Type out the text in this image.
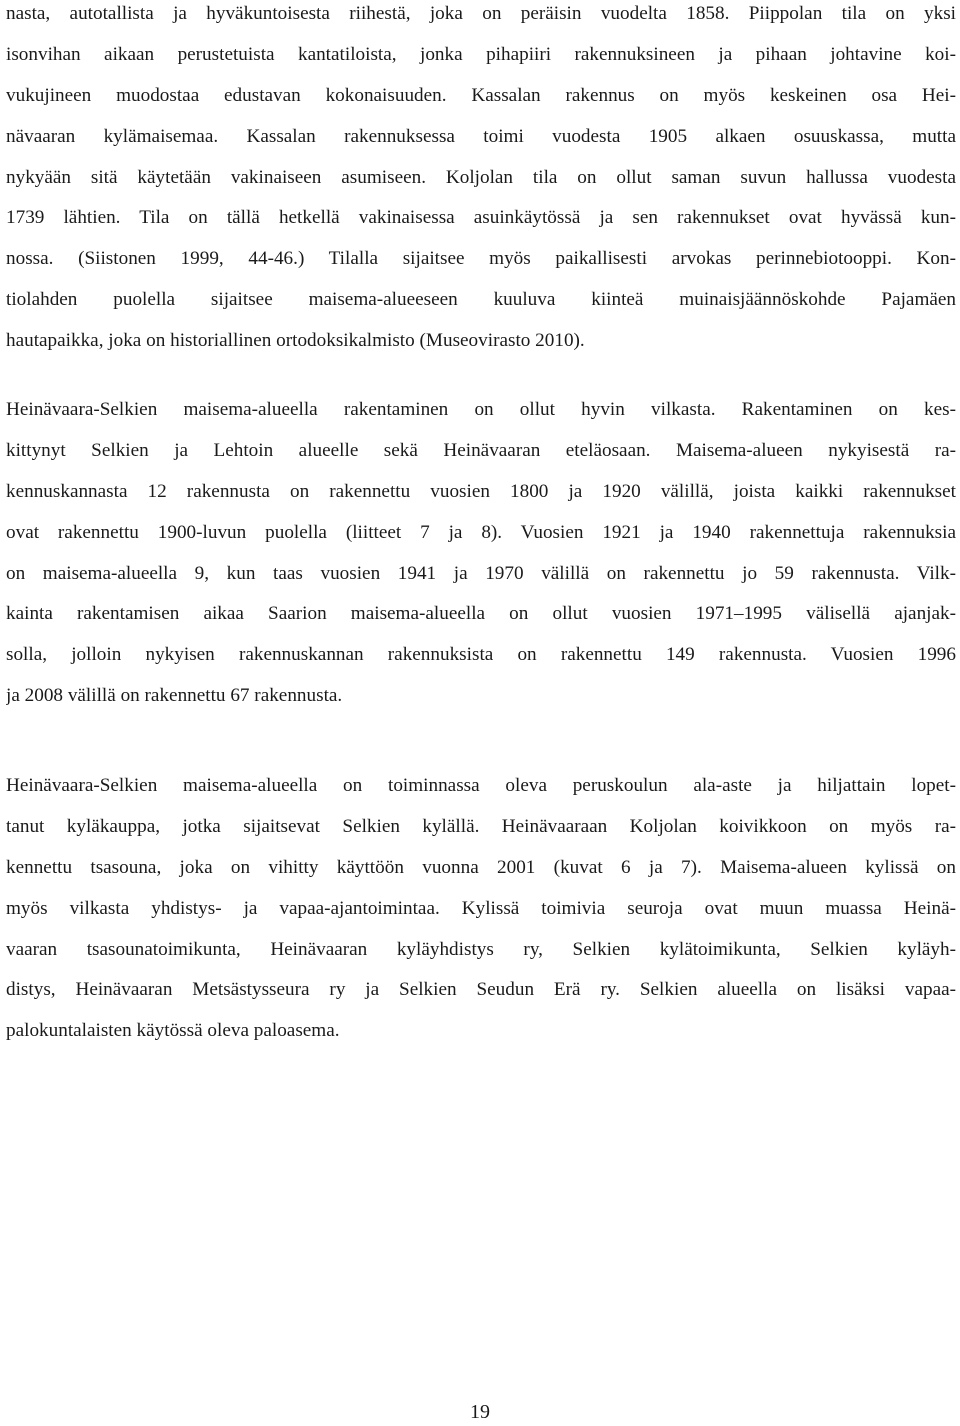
nasta, autotallista ja hyväkuntoisesta riihestä, joka on peräisin vuodelta 1858. Piippolan tila on yksi
isonvihan aikaan perustetuista kantatiloista, jonka pihapiiri rakennuksineen ja pihaan johtavine koi-
vukujineen muodostaa edustavan kokonaisuuden. Kassalan rakennus on myös keskeinen osa Hei-
nävaaran kylämaisemaa. Kassalan rakennuksessa toimi vuodesta 1905 alkaen osuuskassa, mutta
nykyään sitä käytetään vakinaiseen asumiseen. Koljolan tila on ollut saman suvun hallussa vuodesta
1739 lähtien. Tila on tällä hetkellä vakinaisessa asuinkäytössä ja sen rakennukset ovat hyvässä kun-
nossa. (Siistonen 1999, 44-46.) Tilalla sijaitsee myös paikallisesti arvokas perinnebiotooppi. Kon-
tiolahden puolella sijaitsee maisema-alueeseen kuuluva kiinteä muinaisjäännöskohde Pajamäen
hautapaikka, joka on historiallinen ortodoksikalmisto (Museovirasto 2010).
Heinävaara-Selkien maisema-alueella rakentaminen on ollut hyvin vilkasta. Rakentaminen on kes-
kittynyt Selkien ja Lehtoin alueelle sekä Heinävaaran eteläosaan. Maisema-alueen nykyisestä ra-
kennuskannasta 12 rakennusta on rakennettu vuosien 1800 ja 1920 välillä, joista kaikki rakennukset
ovat rakennettu 1900-luvun puolella (liitteet 7 ja 8). Vuosien 1921 ja 1940 rakennettuja rakennuksia
on maisema-alueella 9, kun taas vuosien 1941 ja 1970 välillä on rakennettu jo 59 rakennusta. Vilk-
kainta rakentamisen aikaa Saarion maisema-alueella on ollut vuosien 1971–1995 välisellä ajanjak-
solla, jolloin nykyisen rakennuskannan rakennuksista on rakennettu 149 rakennusta. Vuosien 1996
ja 2008 välillä on rakennettu 67 rakennusta.
Heinävaara-Selkien maisema-alueella on toiminnassa oleva peruskoulun ala-aste ja hiljattain lopet-
tanut kyläkauppa, jotka sijaitsevat Selkien kylällä. Heinävaaraan Koljolan koivikkoon on myös ra-
kennettu tsasouna, joka on vihitty käyttöön vuonna 2001 (kuvat 6 ja 7). Maisema-alueen kylissä on
myös vilkasta yhdistys- ja vapaa-ajantoimintaa. Kylissä toimivia seuroja ovat muun muassa Heinä-
vaaran tsasounatoimikunta, Heinävaaran kyläyhdistys ry, Selkien kylätoimikunta, Selkien kyläyh-
distys, Heinävaaran Metsästysseura ry ja Selkien Seudun Erä ry. Selkien alueella on lisäksi vapaa-
palokuntalaisten käytössä oleva paloasema.
19
